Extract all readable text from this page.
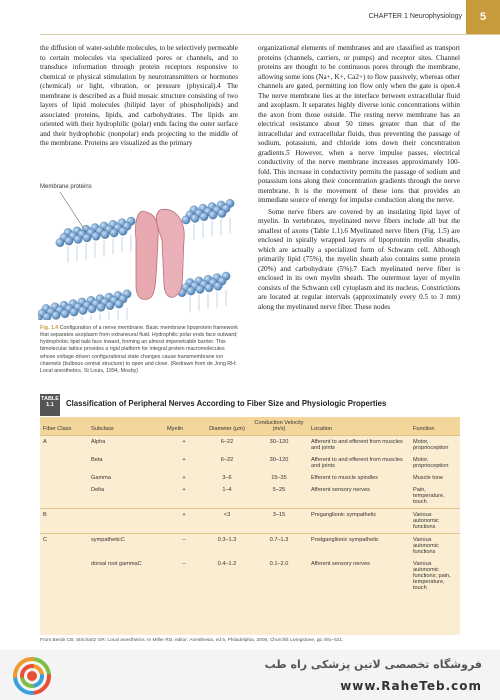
CHAPTER 1 Neurophysiology	5

the diffusion of water-soluble molecules, to be selectively permeable to certain molecules via specialized pores or channels, and to transduce information through protein receptors responsive to chemical or physical stimulation by neurotransmitters or hormones (chemical) or light, vibration, or pressure (physical).4 The membrane is described as a fluid mosaic structure consisting of two layers of lipid molecules (bilipid layer of phospholipids) and associated proteins, lipids, and carbohydrates. The lipids are oriented with their hydrophilic (polar) ends facing the outer surface and their hydrophobic (nonpolar) ends projecting to the middle of the membrane. Proteins are visualized as the primary

Membrane proteins
Fig. 1.4 Configuration of a nerve membrane. Basic membrane lipoprotein framework that separates axoplasm from extraneural fluid. Hydrophilic polar ends face outward; hydrophobic lipid tails face inward, forming an almost impenetrable barrier. This bimolecular lattice provides a rigid platform for integral protein macromolecules whose voltage-driven configurational state changes cause transmembrane ion channels (bulbous central structure) to open and close. (Redrawn from de Jong RH: Local anesthetics, St Louis, 1994, Mosby)

organizational elements of membranes and are classified as transport proteins (channels, carriers, or pumps) and receptor sites. Channel proteins are thought to be continuous pores through the membrane, allowing some ions (Na+, K+, Ca2+) to flow passively, whereas other channels are gated, permitting ion flow only when the gate is open.4 The nerve membrane lies at the interface between extracellular fluid and axoplasm. It separates highly diverse ionic concentrations within the axon from those outside. The resting nerve membrane has an electrical resistance about 50 times greater than that of the intracellular and extracellular fluids, thus preventing the passage of sodium, potassium, and chloride ions down their concentration gradients.5 However, when a nerve impulse passes, electrical conductivity of the nerve membrane increases approximately 100-fold. This increase in conductivity permits the passage of sodium and potassium ions along their concentration gradients through the nerve membrane. It is the movement of these ions that provides an immediate source of energy for impulse conduction along the nerve.

Some nerve fibers are covered by an insulating lipid layer of myelin. In vertebrates, myelinated nerve fibers include all but the smallest of axons (Table 1.1).6 Myelinated nerve fibers (Fig. 1.5) are enclosed in spirally wrapped layers of lipoprotein myelin sheaths, which are actually a specialized form of Schwann cell. Although primarily lipid (75%), the myelin sheath also contains some protein (20%) and carbohydrate (5%).7 Each myelinated nerve fiber is enclosed in its own myelin sheath. The outermost layer of myelin consists of the Schwann cell cytoplasm and its nucleus. Constrictions are located at regular intervals (approximately every 0.5 to 3 mm) along the myelinated nerve fiber. These nodes

TABLE
1.1	Classification of Peripheral Nerves According to Fiber Size and Physiologic Properties
Fiber Class	Subclass	Myelin	Diameter (µm)	Conduction Velocity (m/s)	Location	Function
A	Alpha	+	6–22	30–120	Afferent to and efferent from muscles and joints	Motor, proprioception
	Beta	+	6–22	30–120	Afferent to and efferent from muscles and joints	Motor, proprioception
	Gamma	+	3–6	15–35	Efferent to muscle spindles	Muscle tone
	Delta	+	1–4	5–25	Afferent sensory nerves	Pain, temperature, touch
B		+	<3	3–15	Preganglionic sympathetic	Various autonomic functions
C	sympatheticC	–	0.3–1.3	0.7–1.3	Postganglionic sympathetic	Various autonomic functions
	dorsal root gammaC	–	0.4–1.2	0.1–2.0	Afferent sensory nerves	Various autonomic functions; pain, temperature, touch
From Berde CB, Strichartz GR: Local anesthetics. In Miller RD, editor: Anesthesia, ed 5, Philadelphia, 2000, Churchill Livingstone, pp 491–521.
فروشگاه تخصصی لاتین پزشکی راه طب
www.RaheTeb.com
